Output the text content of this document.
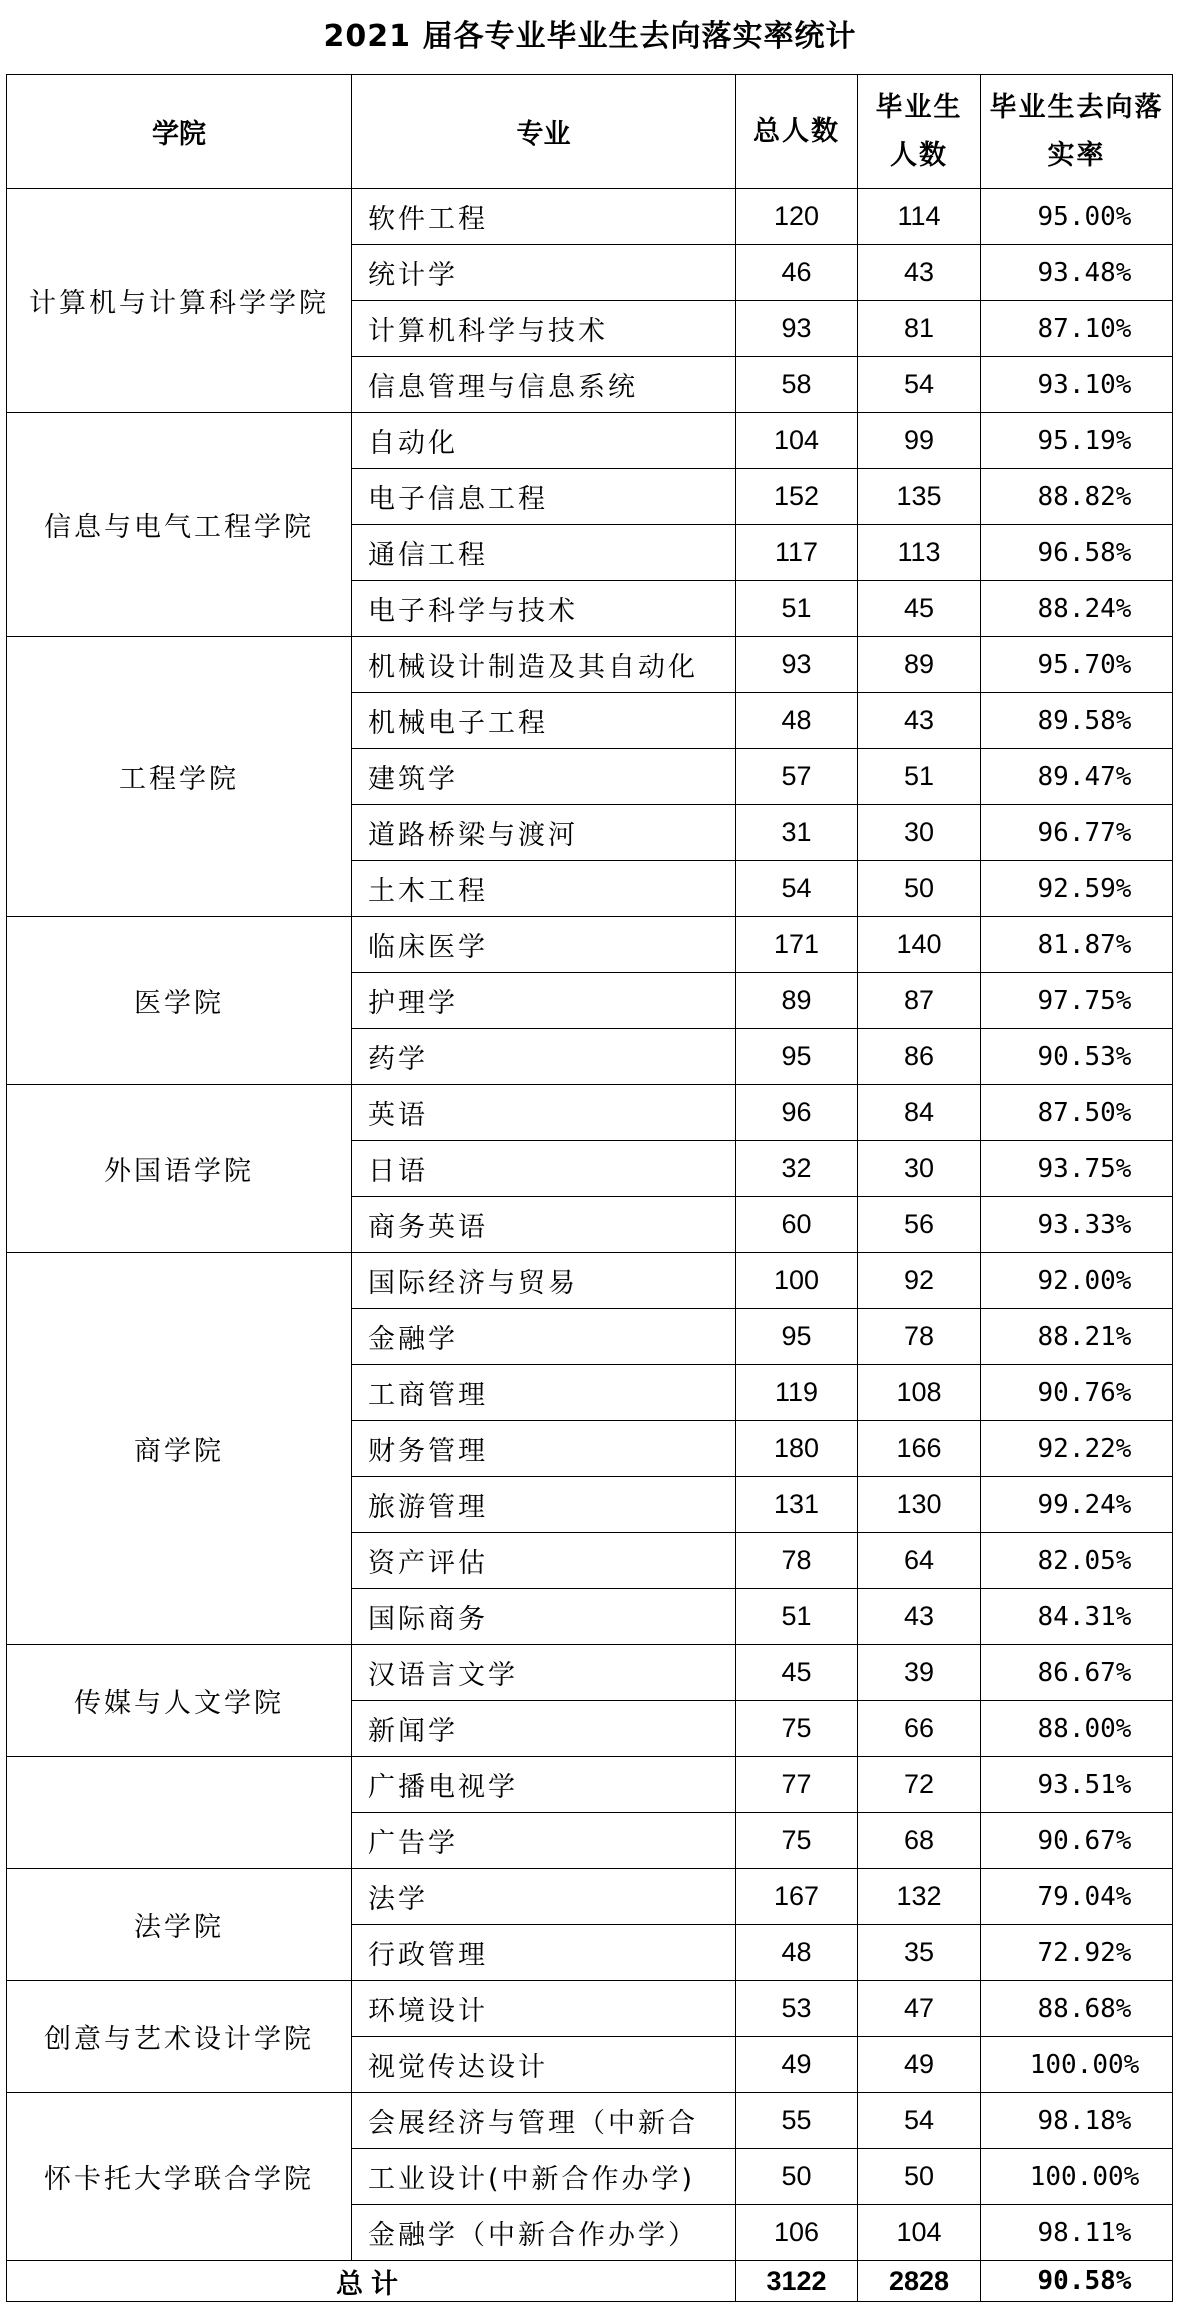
2021 届各专业毕业生去向落实率统计
学院	专业	总人数	毕业生人数	毕业生去向落实率
计算机与计算科学学院	软件工程	120	114	95.00%
	统计学	46	43	93.48%
	计算机科学与技术	93	81	87.10%
	信息管理与信息系统	58	54	93.10%
信息与电气工程学院	自动化	104	99	95.19%
	电子信息工程	152	135	88.82%
	通信工程	117	113	96.58%
	电子科学与技术	51	45	88.24%
工程学院	机械设计制造及其自动化	93	89	95.70%
	机械电子工程	48	43	89.58%
	建筑学	57	51	89.47%
	道路桥梁与渡河	31	30	96.77%
	土木工程	54	50	92.59%
医学院	临床医学	171	140	81.87%
	护理学	89	87	97.75%
	药学	95	86	90.53%
外国语学院	英语	96	84	87.50%
	日语	32	30	93.75%
	商务英语	60	56	93.33%
商学院	国际经济与贸易	100	92	92.00%
	金融学	95	78	88.21%
	工商管理	119	108	90.76%
	财务管理	180	166	92.22%
	旅游管理	131	130	99.24%
	资产评估	78	64	82.05%
	国际商务	51	43	84.31%
传媒与人文学院	汉语言文学	45	39	86.67%
	新闻学	75	66	88.00%
	广播电视学	77	72	93.51%
	广告学	75	68	90.67%
法学院	法学	167	132	79.04%
	行政管理	48	35	72.92%
创意与艺术设计学院	环境设计	53	47	88.68%
	视觉传达设计	49	49	100.00%
怀卡托大学联合学院	会展经济与管理（中新合	55	54	98.18%
	工业设计(中新合作办学)	50	50	100.00%
	金融学（中新合作办学）	106	104	98.11%
总计		3122	2828	90.58%
